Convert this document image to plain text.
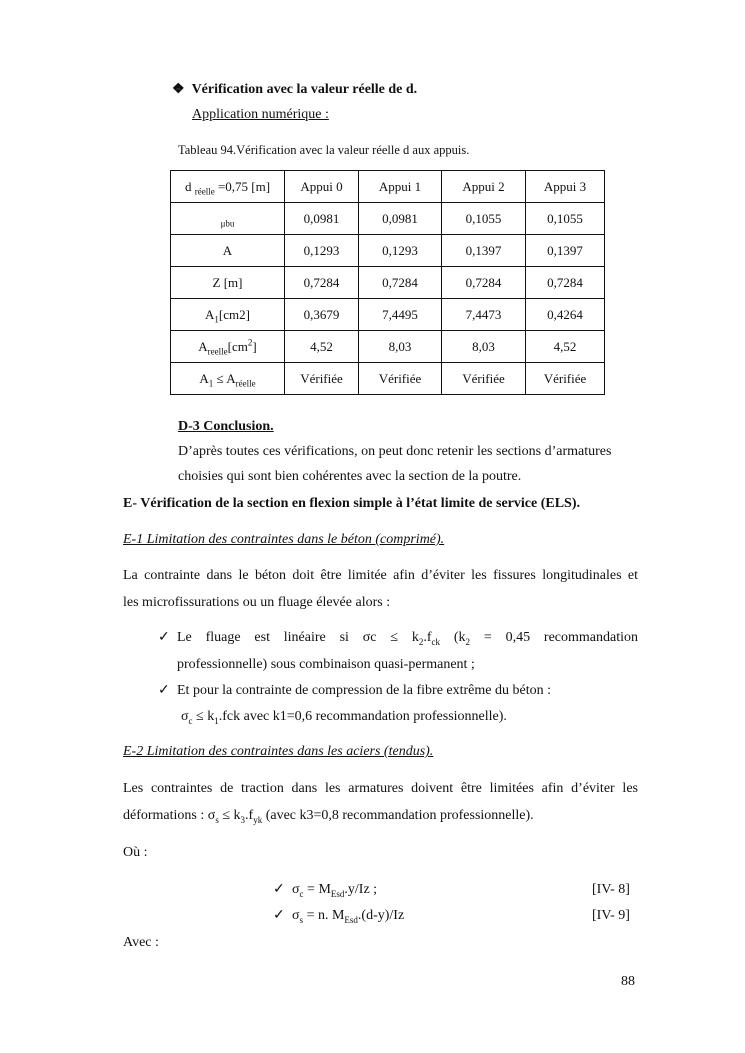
❖ Vérification avec la valeur réelle de d.
Application numérique :
Tableau 94.Vérification avec la valeur réelle d aux appuis.
d $_{réelle}$ =0,75 [m]	Appui 0	Appui 1	Appui 2	Appui 3
$_{\mu bu}$	0,0981	0,0981	0,1055	0,1055
A	0,1293	0,1293	0,1397	0,1397
Z [m]	0,7284	0,7284	0,7284	0,7284
$A_1[cm2]$	0,3679	7,4495	7,4473	0,4264
$A_{reelle}[cm^2]$	4,52	8,03	8,03	4,52
$A_1 \le A_{réelle}$	Vérifiée	Vérifiée	Vérifiée	Vérifiée
D-3 Conclusion.
D’après toutes ces vérifications, on peut donc retenir les sections d’armatures
choisies qui sont bien cohérentes avec la section de la poutre.
E- Vérification de la section en flexion simple à l’état limite de service (ELS).
E-1 Limitation des contraintes dans le béton (comprimé).
La contrainte dans le béton doit être limitée afin d’éviter les fissures longitudinales et
les microfissurations ou un fluage élevée alors :
✓ Le fluage est linéaire si $\sigma c \le k_2.f_{ck}$ ($k_2 = 0,45$ recommandation
professionnelle) sous combinaison quasi-permanent ;
✓ Et pour la contrainte de compression de la fibre extrême du béton :
$\sigma_c \le k_1.fck$ avec k1=0,6 recommandation professionnelle).
E-2 Limitation des contraintes dans les aciers (tendus).
Les contraintes de traction dans les armatures doivent être limitées afin d’éviter les
déformations : $\sigma_s \le k_3.f_{yk}$ (avec k3=0,8 recommandation professionnelle).
Où :
✓ $\sigma_c = M_{Esd}.y/Iz$ ;	[IV- 8]
✓ $\sigma_s = n$. $M_{Esd}.(d-y)/Iz$	[IV- 9]
Avec :
88
